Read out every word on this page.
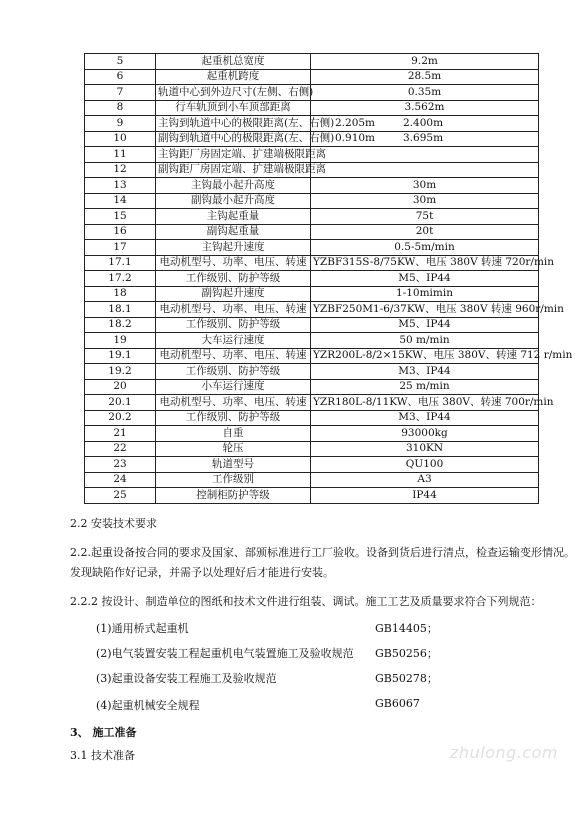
5	起重机总宽度	9.2m
6	起重机跨度	28.5m
7	轨道中心到外边尺寸(左侧、右侧)	0.35m
8	行车轨顶到小车顶部距离	3.562m
9	主钩到轨道中心的极限距离(左、右侧)	2.205m 2.400m
10	副钩到轨道中心的极限距离(左、右侧)	0.910m 3.695m
11	主钩距厂房固定端、扩建端极限距离	
12	副钩距厂房固定端、扩建端极限距离	
13	主钩最小起升高度	30m
14	副钩最小起升高度	30m
15	主钩起重量	75t
16	副钩起重量	20t
17	主钩起升速度	0.5-5m/min
17.1	电动机型号、功率、电压、转速	YZBF315S-8/75KW、电压 380V 转速 720r/min
17.2	工作级别、防护等级	M5、IP44
18	副钩起升速度	1-10mimin
18.1	电动机型号、功率、电压、转速	YZBF250M1-6/37KW、电压 380V 转速 960r/min
18.2	工作级别、防护等级	M5、IP44
19	大车运行速度	50 m/min
19.1	电动机型号、功率、电压、转速	YZR200L-8/2×15KW、电压 380V、转速 712 r/min
19.2	工作级别、防护等级	M3、IP44
20	小车运行速度	25 m/min
20.1	电动机型号、功率、电压、转速	YZR180L-8/11KW、电压 380V、转速 700r/min
20.2	工作级别、防护等级	M3、IP44
21	自重	93000kg
22	轮压	310KN
23	轨道型号	QU100
24	工作级别	A3
25	控制柜防护等级	IP44
2.2 安装技术要求
2.2.起重设备按合同的要求及国家、部颁标准进行工厂验收。设备到货后进行清点，检查运输变形情况。
发现缺陷作好记录，并需予以处理好后才能进行安装。
2.2.2 按设计、制造单位的图纸和技术文件进行组装、调试。施工工艺及质量要求符合下列规范：
(1)通用桥式起重机	GB14405；
(2)电气装置安装工程起重机电气装置施工及验收规范 GB50256；
(3)起重设备安装工程施工及验收规范	GB50278；
(4)起重机械安全规程	GB6067
3、 施工准备
3.1 技术准备	zhulong.com
